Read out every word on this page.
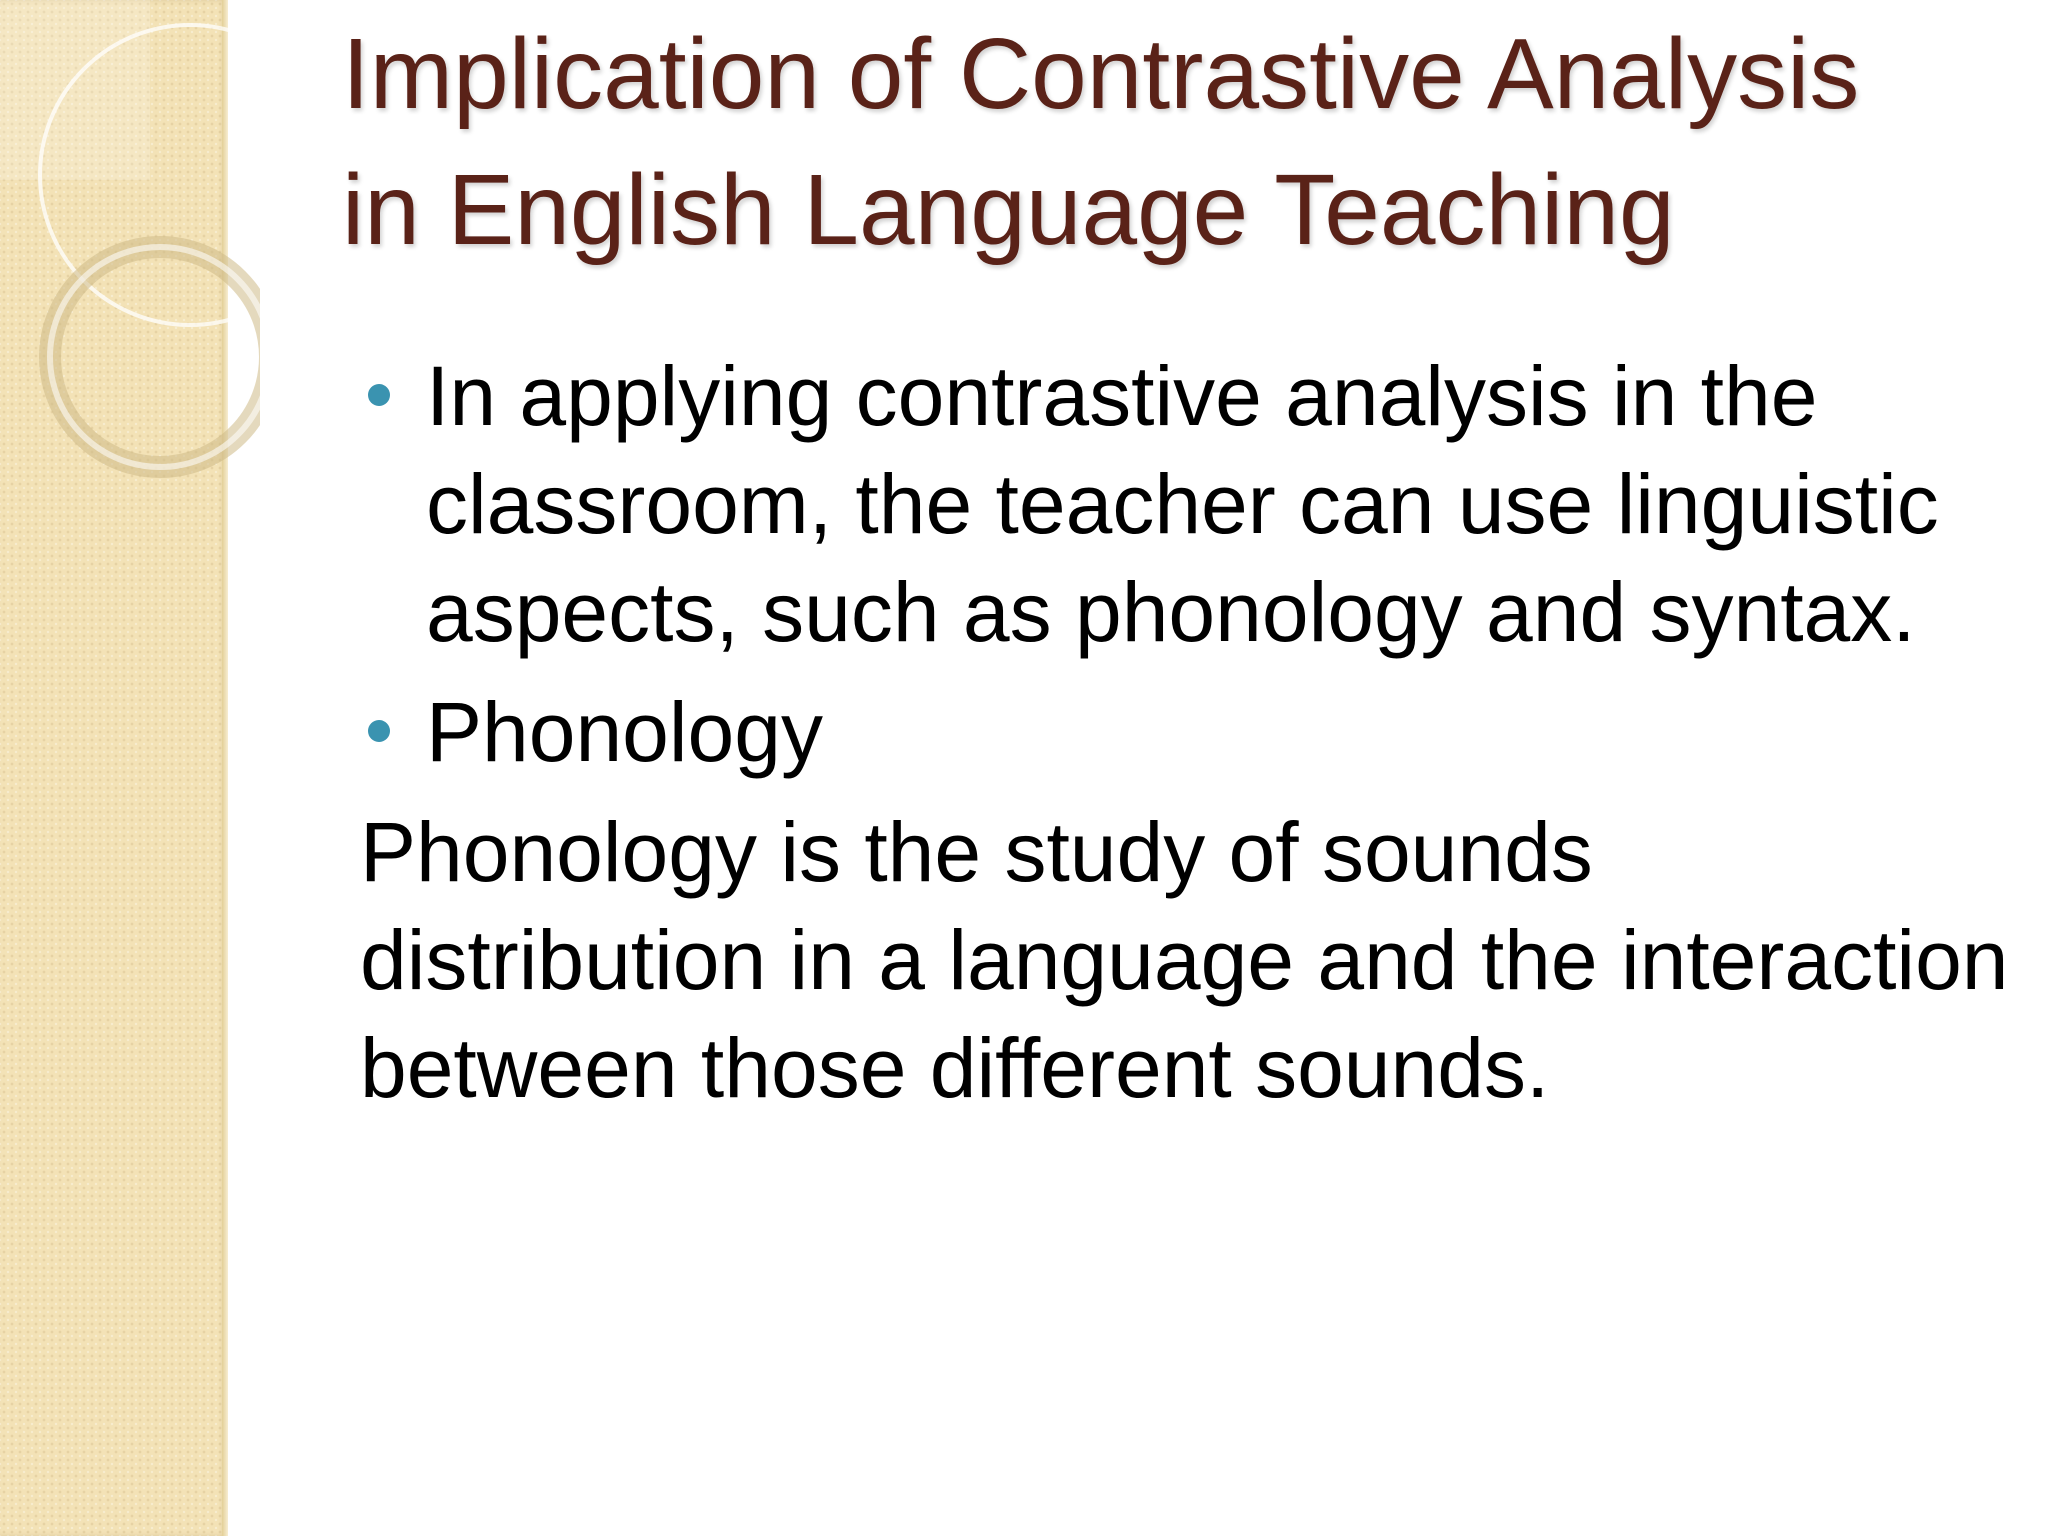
Implication of Contrastive Analysis in English Language Teaching
In applying contrastive analysis in the classroom, the teacher can use linguistic aspects, such as phonology and syntax.
Phonology

Phonology is the study of sounds distribution in a language and the interaction between those different sounds.
